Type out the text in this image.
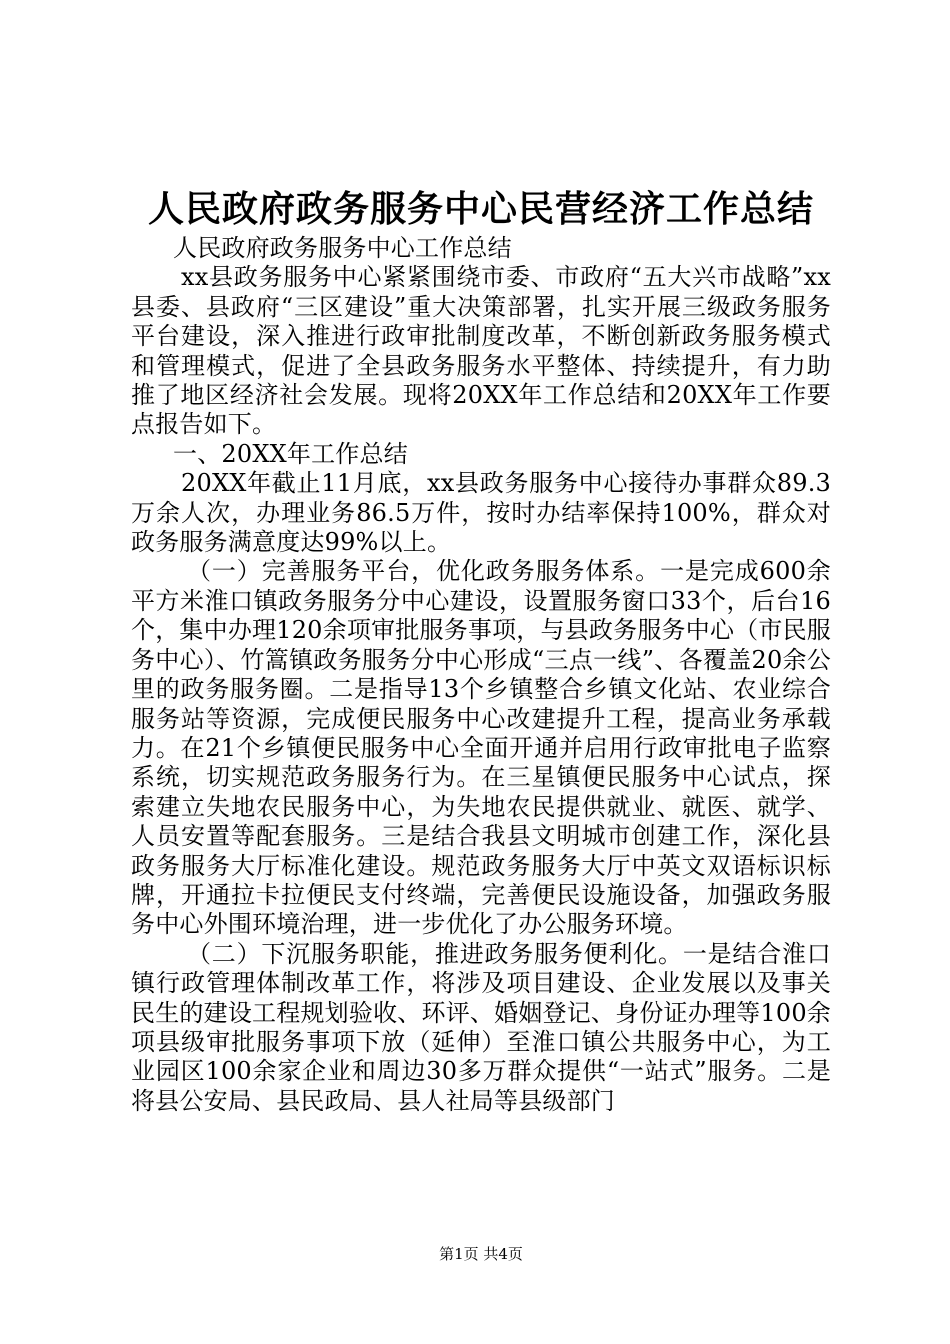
人民政府政务服务中心民营经济工作总结

人民政府政务服务中心工作总结

xx县政务服务中心紧紧围绕市委、市政府“五大兴市战略”xx县委、县政府“三区建设”重大决策部署，扎实开展三级政务服务平台建设，深入推进行政审批制度改革，不断创新政务服务模式和管理模式，促进了全县政务服务水平整体、持续提升，有力助推了地区经济社会发展。现将20XX年工作总结和20XX年工作要点报告如下。

一、20XX年工作总结

20XX年截止11月底，xx县政务服务中心接待办事群众89.3万余人次，办理业务86.5万件，按时办结率保持100%，群众对政务服务满意度达99%以上。

（一）完善服务平台，优化政务服务体系。一是完成600余平方米淮口镇政务服务分中心建设，设置服务窗口33个，后台16个，集中办理120余项审批服务事项，与县政务服务中心（市民服务中心）、竹篙镇政务服务分中心形成“三点一线”、各覆盖20余公里的政务服务圈。二是指导13个乡镇整合乡镇文化站、农业综合服务站等资源，完成便民服务中心改建提升工程，提高业务承载力。在21个乡镇便民服务中心全面开通并启用行政审批电子监察系统，切实规范政务服务行为。在三星镇便民服务中心试点，探索建立失地农民服务中心，为失地农民提供就业、就医、就学、人员安置等配套服务。三是结合我县文明城市创建工作，深化县政务服务大厅标准化建设。规范政务服务大厅中英文双语标识标牌，开通拉卡拉便民支付终端，完善便民设施设备，加强政务服务中心外围环境治理，进一步优化了办公服务环境。

（二）下沉服务职能，推进政务服务便利化。一是结合淮口镇行政管理体制改革工作，将涉及项目建设、企业发展以及事关民生的建设工程规划验收、环评、婚姻登记、身份证办理等100余项县级审批服务事项下放（延伸）至淮口镇公共服务中心，为工业园区100余家企业和周边30多万群众提供“一站式”服务。二是将县公安局、县民政局、县人社局等县级部门

第1页 共4页
